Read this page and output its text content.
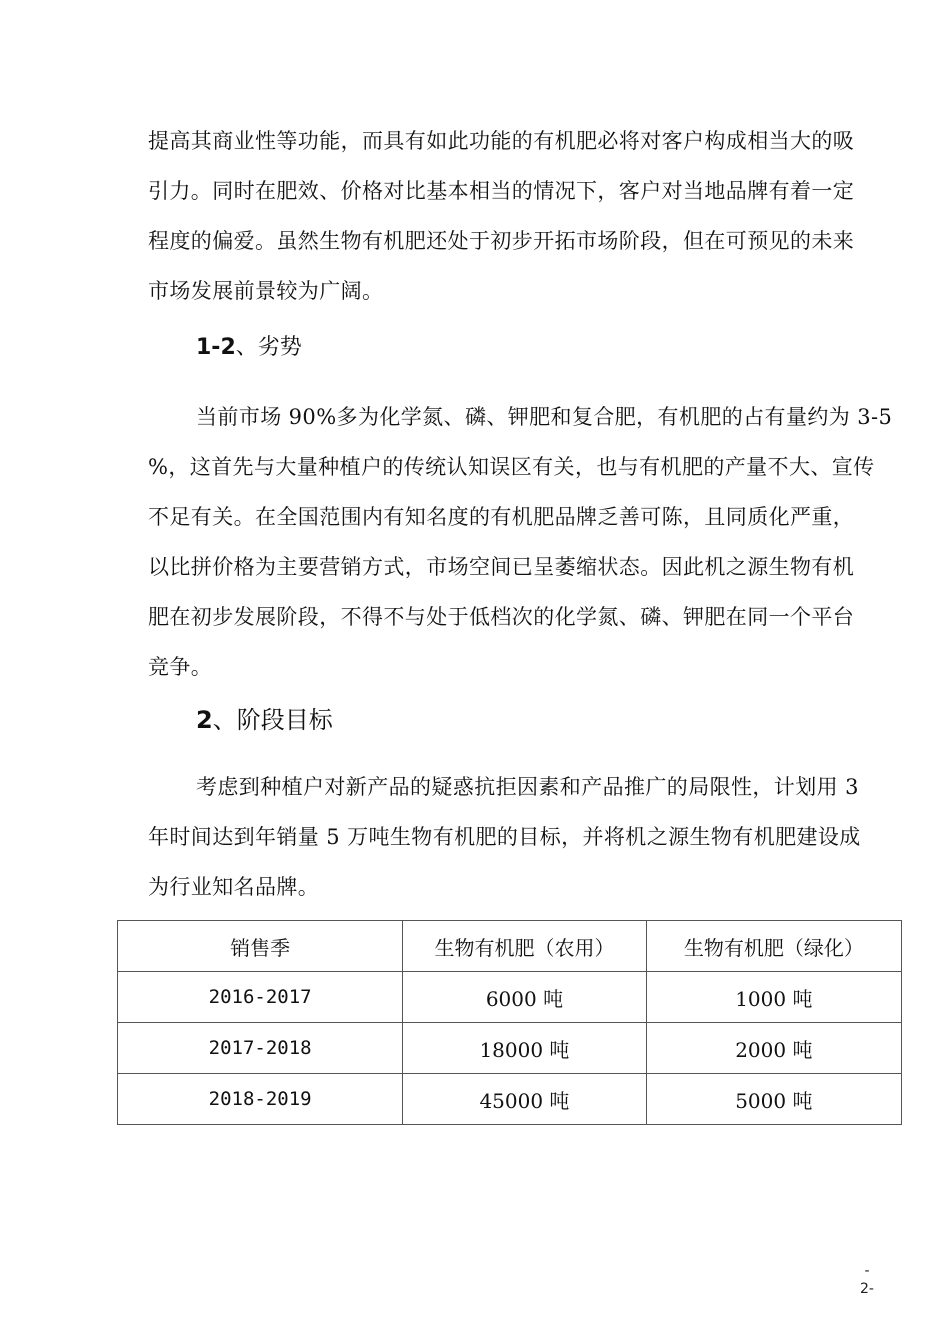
提高其商业性等功能，而具有如此功能的有机肥必将对客户构成相当大的吸
引力。同时在肥效、价格对比基本相当的情况下，客户对当地品牌有着一定
程度的偏爱。虽然生物有机肥还处于初步开拓市场阶段，但在可预见的未来
市场发展前景较为广阔。
1-2、劣势
当前市场 90%多为化学氮、磷、钾肥和复合肥，有机肥的占有量约为 3-5
%，这首先与大量种植户的传统认知误区有关，也与有机肥的产量不大、宣传
不足有关。在全国范围内有知名度的有机肥品牌乏善可陈，且同质化严重，
以比拼价格为主要营销方式，市场空间已呈萎缩状态。因此机之源生物有机
肥在初步发展阶段，不得不与处于低档次的化学氮、磷、钾肥在同一个平台
竞争。
2、阶段目标
考虑到种植户对新产品的疑惑抗拒因素和产品推广的局限性，计划用 3
年时间达到年销量 5 万吨生物有机肥的目标，并将机之源生物有机肥建设成
为行业知名品牌。
销售季	生物有机肥（农用）	生物有机肥（绿化）
2016-2017	6000 吨	1000 吨
2017-2018	18000 吨	2000 吨
2018-2019	45000 吨	5000 吨
-
2-
